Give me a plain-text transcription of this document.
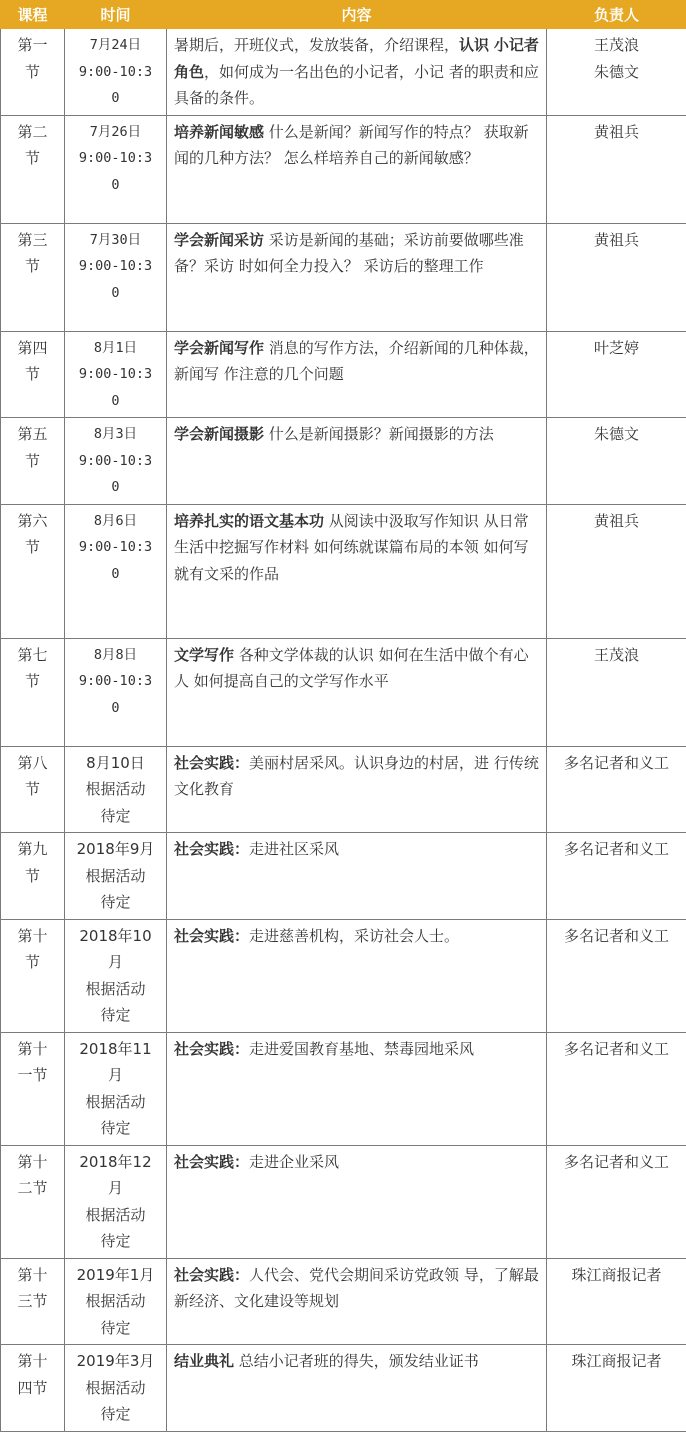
课程	时间	内容	负责人

第一
节	7月24日
9:00-10:3
0	暑期后，开班仪式，发放装备，介绍课程，认识 小记者角色，如何成为一名出色的小记者，小记 者的职责和应具备的条件。	王茂浪
朱德文

第二
节	7月26日
9:00-10:3
0	培养新闻敏感 什么是新闻？新闻写作的特点？ 获取新闻的几种方法？ 怎么样培养自己的新闻敏感？	黄祖兵

第三
节	7月30日
9:00-10:3
0	学会新闻采访 采访是新闻的基础；采访前要做哪些准备？采访 时如何全力投入？ 采访后的整理工作	黄祖兵

第四
节	8月1日
9:00-10:3
0	学会新闻写作 消息的写作方法，介绍新闻的几种体裁，新闻写 作注意的几个问题	叶芝婷

第五
节	8月3日
9:00-10:3
0	学会新闻摄影 什么是新闻摄影？新闻摄影的方法	朱德文

第六
节	8月6日
9:00-10:3
0	培养扎实的语文基本功 从阅读中汲取写作知识 从日常生活中挖掘写作材料 如何练就谋篇布局的本领 如何写就有文采的作品	黄祖兵

第七
节	8月8日
9:00-10:3
0	文学写作 各种文学体裁的认识 如何在生活中做个有心人 如何提高自己的文学写作水平	王茂浪

第八
节	8月10日
根据活动
待定	社会实践：美丽村居采风。认识身边的村居，进 行传统文化教育	多名记者和义工

第九
节	2018年9月
根据活动
待定	社会实践：走进社区采风	多名记者和义工

第十
节	2018年10
月
根据活动
待定	社会实践：走进慈善机构，采访社会人士。	多名记者和义工

第十
一节	2018年11
月
根据活动
待定	社会实践：走进爱国教育基地、禁毒园地采风	多名记者和义工

第十
二节	2018年12
月
根据活动
待定	社会实践：走进企业采风	多名记者和义工

第十
三节	2019年1月
根据活动
待定	社会实践：人代会、党代会期间采访党政领 导，了解最新经济、文化建设等规划	珠江商报记者

第十
四节	2019年3月
根据活动
待定	结业典礼 总结小记者班的得失，颁发结业证书	珠江商报记者
